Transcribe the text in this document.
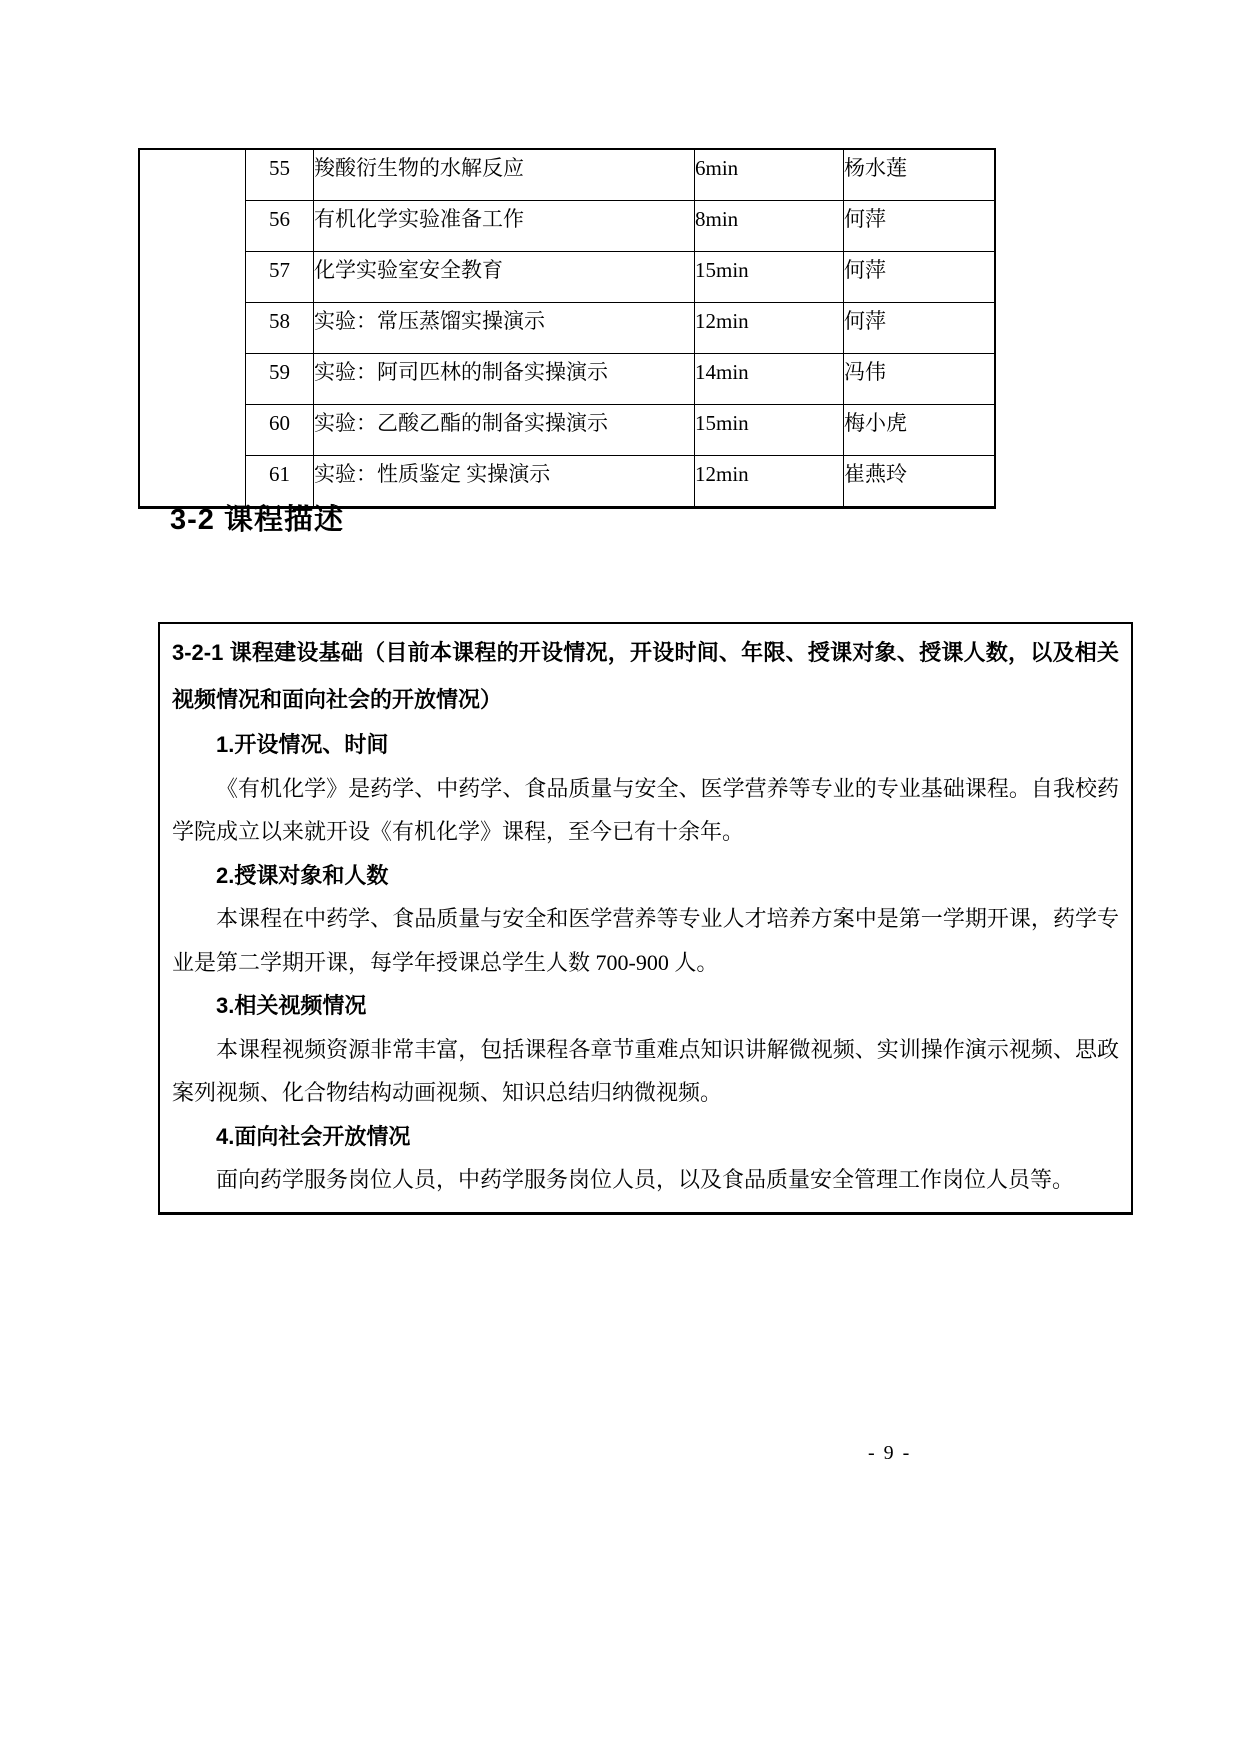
	55	羧酸衍生物的水解反应	6min	杨水莲
	56	有机化学实验准备工作	8min	何萍
	57	化学实验室安全教育	15min	何萍
	58	实验：常压蒸馏实操演示	12min	何萍
	59	实验：阿司匹林的制备实操演示	14min	冯伟
	60	实验：乙酸乙酯的制备实操演示	15min	梅小虎
	61	实验：性质鉴定 实操演示	12min	崔燕玲
3-2 课程描述

3-2-1 课程建设基础（目前本课程的开设情况，开设时间、年限、授课对象、授课人数，以及相关视频情况和面向社会的开放情况）

1.开设情况、时间

《有机化学》是药学、中药学、食品质量与安全、医学营养等专业的专业基础课程。自我校药学院成立以来就开设《有机化学》课程，至今已有十余年。

2.授课对象和人数

本课程在中药学、食品质量与安全和医学营养等专业人才培养方案中是第一学期开课，药学专业是第二学期开课，每学年授课总学生人数 700-900 人。

3.相关视频情况

本课程视频资源非常丰富，包括课程各章节重难点知识讲解微视频、实训操作演示视频、思政案列视频、化合物结构动画视频、知识总结归纳微视频。

4.面向社会开放情况

面向药学服务岗位人员，中药学服务岗位人员，以及食品质量安全管理工作岗位人员等。

- 9 -
